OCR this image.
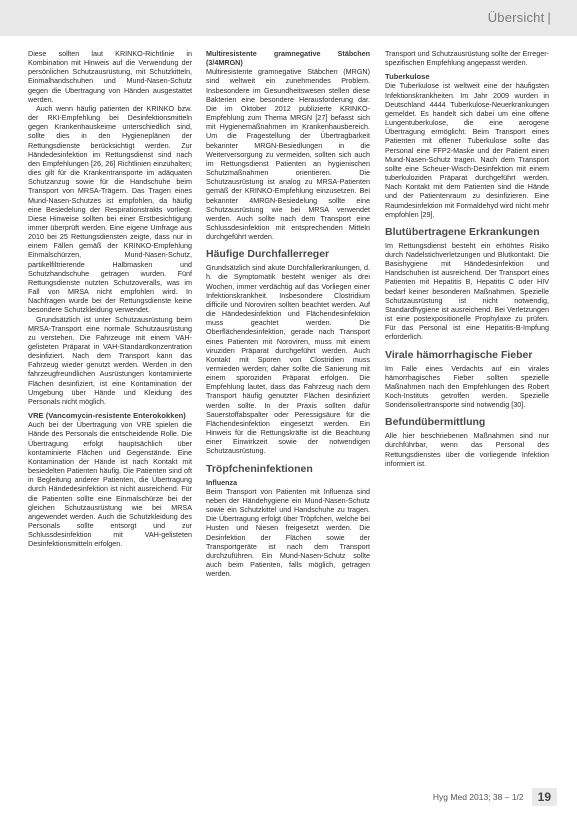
Übersicht |

Diese sollten laut KRINKO-Richtlinie in Kombination mit Hinweis auf die Verwendung der persönlichen Schutzausrüstung, mit Schutzkitteln, Einmalhandschuhen und Mund-Nasen-Schutz gegen die Übertragung von Händen ausgestattet werden.

Auch wenn häufig patienten der KRINKO bzw. der RKI-Empfehlung bei Desinfektionsmitteln gegen Krankenhauskeime unterschiedlich sind, sollte dies in den Hygieneplänen der Rettungsdienste berücksichtigt werden. Zur Händedesinfektion im Rettungsdienst sind nach den Empfehlungen [26, 26] Richtlinien einzuhalten; dies gilt für die Krankentransporte im adäquaten Schutzanzug sowie für die Handschuhe beim Transport von MRSA-Trägern. Das Tragen eines Mund-Nasen-Schutzes ist empfohlen, da häufig eine Besiedelung der Respirationstrakts vorliegt. Diese Hinweise sollten bei einer Erstbesichtigung immer überprüft werden. Eine eigene Umfrage aus 2010 bei 25 Rettungsdiensten zeigte, dass nur in einem Fällen gemäß der KRINKO-Empfehlung Einmalschürzen, Mund-Nasen-Schutz, partikelfiltrierende Halbmasken und Schutzhandschuhe getragen wurden. Fünf Rettungsdienste nutzten Schutzoveralls, was im Fall von MRSA nicht empfohlen wird. In Nachfragen wurde bei der Rettungsdienste keine besondere Schutzkleidung verwendet.

Grundsätzlich ist unter Schutzausrüstung beim MRSA-Transport eine normale Schutzausrüstung zu verstehen. Die Fahrzeuge mit einem VAH-gelisteten Präparat in VAH-Standardkonzentration desinfiziert. Nach dem Transport kann das Fahrzeug wieder genutzt werden. Werden in den fahrzeugfreundlichen Ausrüstungen kontaminierte Flächen desinfiziert, ist eine Kontamination der Umgebung über Hände und Kleidung des Personals nicht möglich.

VRE (Vancomycin-resistente Enterokokken)

Auch bei der Übertragung von VRE spielen die Hände des Personals die entscheidende Rolle. Die Übertragung erfolgt hauptsächlich über kontaminierte Flächen und Gegenstände. Eine Kontamination der Hände ist nach Kontakt mit besiedelten Patienten häufig. Die Patienten sind oft in Begleitung anderer Patienten, die Übertragung durch Händedesinfektion ist nicht ausreichend. Für die Patienten sollte eine Einmalschürze bei der gleichen Schutzausrüstung wie bei MRSA angewendet werden. Auch die Schutzkleidung des Personals sollte entsorgt und zur Schlussdesinfektion mit VAH-gelisteten Desinfektionsmitteln erfolgen.

Multiresistente gramnegative Stäbchen (3/4MRGN)

Multiresistente gramnegative Stäbchen (MRGN) sind weltweit ein zunehmendes Problem. Insbesondere im Gesundheitswesen stellen diese Bakterien eine besondere Herausforderung dar. Die im Oktober 2012 publizierte KRINKO-Empfehlung zum Thema MRGN [27] befasst sich mit Hygienemaßnahmen im Krankenhausbereich. Um die Fragestellung der Übertragbarkeit bekannter MRGN-Besiedlungen in die Weiterversorgung zu vermeiden, sollten sich auch im Rettungsdienst Patienten an hygienischen Schutzmaßnahmen orientieren. Die Schutzausrüstung ist analog zu MRSA-Patienten gemäß der KRINKO-Empfehlung einzusetzen. Bei bekannter 4MRGN-Besiedelung sollte eine Schutzausrüstung wie bei MRSA verwendet werden. Auch sollte nach dem Transport eine Schlussdesinfektion mit entsprechenden Mitteln durchgeführt werden.

Häufige Durchfallerreger

Grundsätzlich sind akute Durchfallerkrankungen, d. h. die Symptomatik besteht weniger als drei Wochen, immer verdächtig auf das Vorliegen einer Infektionskrankheit. Insbesondere Clostridium difficile und Noroviren sollten beachtet werden. Auf die Händedesinfektion und Flächendesinfektion muss geachtet werden. Die Oberflächendesinfektion, gerade nach Transport eines Patienten mit Noroviren, muss mit einem viruziden Präparat durchgeführt werden. Auch Kontakt mit Sporen von Clostridien muss vermieden werden; daher sollte die Sanierung mit einem sporoziden Präparat erfolgen. Die Empfehlung lautet, dass das Fahrzeug nach dem Transport häufig genutzter Flächen desinfiziert werden sollte. In der Praxis sollten dafür Sauerstoffabspalter oder Peressigsäure für die Flächendesinfektion eingesetzt werden. Ein Hinweis für die Rettungskräfte ist die Beachtung einer Einwirkzeit sowie der notwendigen Schutzausrüstung.

Tröpfcheninfektionen
Influenza

Beim Transport von Patienten mit Influenza sind neben der Händehygiene ein Mund-Nasen-Schutz sowie ein Schutzkittel und Handschuhe zu tragen. Die Übertragung erfolgt über Tröpfchen, welche bei Husten und Niesen freigesetzt werden. Die Desinfektion der Flächen sowie der Transportgeräte ist nach dem Transport durchzuführen. Ein Mund-Nasen-Schutz sollte auch beim Patienten, falls möglich, getragen werden.

Transport und Schutzausrüstung sollte der Erreger-spezifischen Empfehlung angepasst werden.

Tuberkulose

Die Tuberkulose ist weltweit eine der häufigsten Infektionskrankheiten. Im Jahr 2009 wurden in Deutschland 4444 Tuberkulose-Neuerkrankungen gemeldet. Es handelt sich dabei um eine offene Lungentuberkulose, die eine aerogene Übertragung ermöglicht. Beim Transport eines Patienten mit offener Tuberkulose sollte das Personal eine FFP2-Maske und der Patient einen Mund-Nasen-Schutz tragen. Nach dem Transport sollte eine Scheuer-Wisch-Desinfektion mit einem tuberkuloziden Präparat durchgeführt werden. Nach Kontakt mit dem Patienten sind die Hände und der Patientenraum zu desinfizieren. Eine Raumdesinfektion mit Formaldehyd wird nicht mehr empfohlen [29].

Blutübertragene Erkrankungen

Im Rettungsdienst besteht ein erhöhtes Risiko durch Nadelstichverletzungen und Blutkontakt. Die Basishygiene mit Händedesinfektion und Handschuhen ist ausreichend. Der Transport eines Patienten mit Hepatitis B, Hepatitis C oder HIV bedarf keiner besonderen Maßnahmen. Spezielle Schutzausrüstung ist nicht notwendig, Standardhygiene ist ausreichend. Bei Verletzungen ist eine postexpositionelle Prophylaxe zu prüfen. Für das Personal ist eine Hepatitis-B-Impfung erforderlich.

Virale hämorrhagische Fieber

Im Falle eines Verdachts auf ein virales hämorrhagisches Fieber sollten spezielle Maßnahmen nach den Empfehlungen des Robert Koch-Instituts getroffen werden. Spezielle Sonderisoliertransporte sind notwendig [30].

Befundübermittlung

Alle hier beschriebenen Maßnahmen sind nur durchführbar, wenn das Personal des Rettungsdienstes über die vorliegende Infektion informiert ist.

Hyg Med 2013; 38 – 1/2	19
